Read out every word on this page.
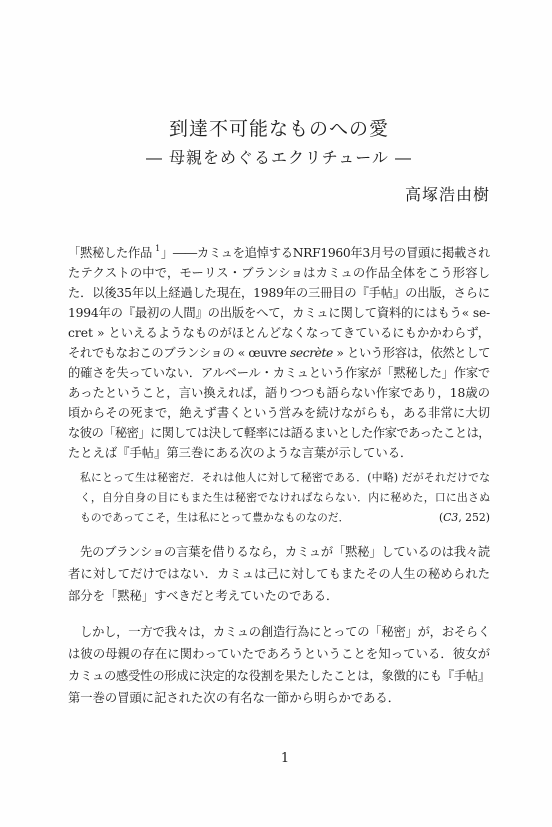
到達不可能なものへの愛
― 母親をめぐるエクリチュール ―
高塚浩由樹
「黙秘した作品 $^1$」――カミュを追悼するNRF1960年3月号の冒頭に掲載され
たテクストの中で，モーリス・ブランショはカミュの作品全体をこう形容し
た．以後35年以上経過した現在，1989年の三冊目の『手帖』の出版，さらに
1994年の『最初の人間』の出版をへて，カミュに関して資料的にはもう« se-
cret » といえるようなものがほとんどなくなってきているにもかかわらず，
それでもなおこのブランショの « œuvre secrète » という形容は，依然として
的確さを失っていない．アルベール・カミュという作家が「黙秘した」作家で
あったということ，言い換えれば，語りつつも語らない作家であり，18歳の
頃からその死まで，絶えず書くという営みを続けながらも，ある非常に大切
な彼の「秘密」に関しては決して軽率には語るまいとした作家であったことは，
たとえば『手帖』第三巻にある次のような言葉が示している．
私にとって生は秘密だ．それは他人に対して秘密である．(中略) だがそれだけでな
く，自分自身の目にもまた生は秘密でなければならない．内に秘めた，口に出さぬ
ものであってこそ，生は私にとって豊かなものなのだ．	(C3, 252)
先のブランショの言葉を借りるなら，カミュが「黙秘」しているのは我々読
者に対してだけではない．カミュは己に対してもまたその人生の秘められた
部分を「黙秘」すべきだと考えていたのである．
しかし，一方で我々は，カミュの創造行為にとっての「秘密」が，おそらく
は彼の母親の存在に関わっていたであろうということを知っている．彼女が
カミュの感受性の形成に決定的な役割を果たしたことは，象徴的にも『手帖』
第一巻の冒頭に記された次の有名な一節から明らかである．
1
